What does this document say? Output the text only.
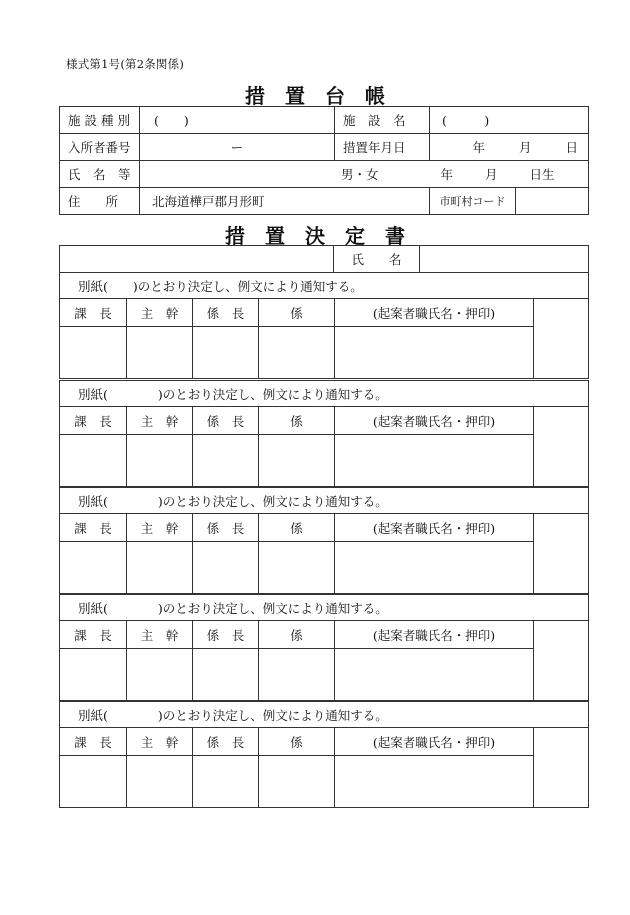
様式第1号(第2条関係)
措　置　台　帳
施設種別	(　　)	施　設　名	(　　　)	
入所者番号	ー	措置年月日	年 月 日	

氏　名　等	男・女 年 月 日生			

住　　所	北海道樺戸郡月形町		市町村コード	
措　置　決　定　書
	氏　　名	
別紙(　　)のとおり決定し、例文により通知する。					
課　長	主　幹	係　長	係	(起案者職氏名・押印)	

別紙(　　　　)のとおり決定し、例文により通知する。					
課　長	主　幹	係　長	係	(起案者職氏名・押印)	

別紙(　　　　)のとおり決定し、例文により通知する。					
課　長	主　幹	係　長	係	(起案者職氏名・押印)	

別紙(　　　　)のとおり決定し、例文により通知する。					
課　長	主　幹	係　長	係	(起案者職氏名・押印)	

別紙(　　　　)のとおり決定し、例文により通知する。					
課　長	主　幹	係　長	係	(起案者職氏名・押印)	
